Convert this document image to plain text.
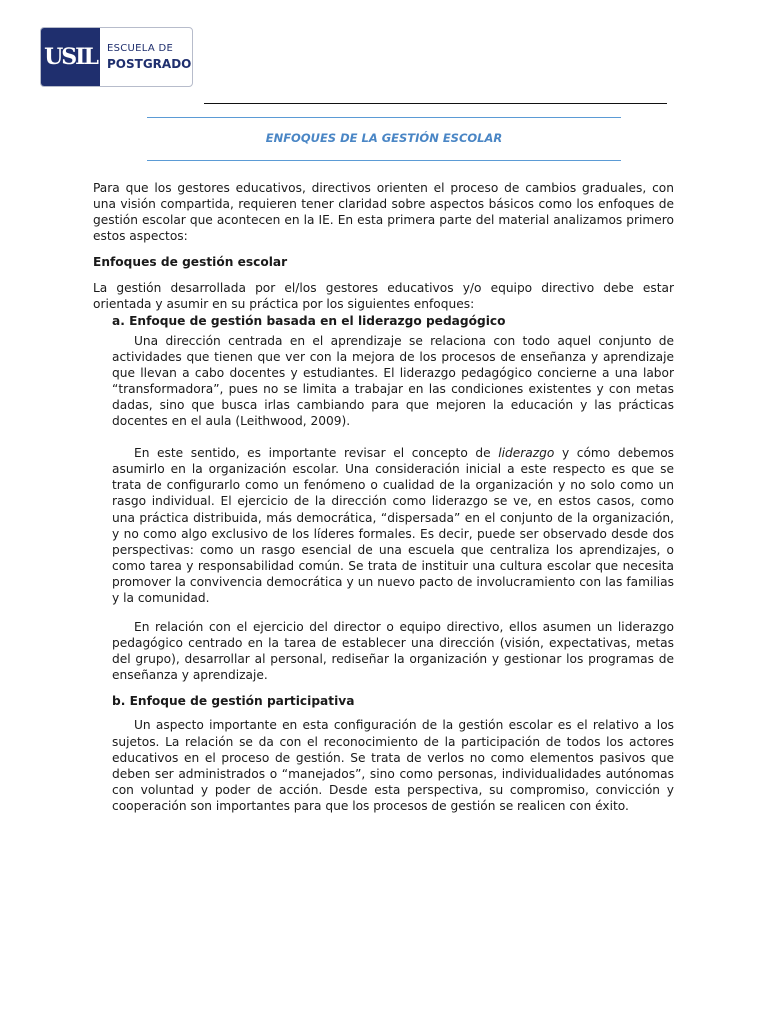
USIL	ESCUELA DE
POSTGRADO
ENFOQUES DE LA GESTIÓN ESCOLAR

Para que los gestores educativos, directivos orienten el proceso de cambios graduales, con una visión compartida, requieren tener claridad sobre aspectos básicos como los enfoques de gestión escolar que acontecen en la IE. En esta primera parte del material analizamos primero estos aspectos:

Enfoques de gestión escolar

La gestión desarrollada por el/los gestores educativos y/o equipo directivo debe estar orientada y asumir en su práctica por los siguientes enfoques:

a. Enfoque de gestión basada en el liderazgo pedagógico

Una dirección centrada en el aprendizaje se relaciona con todo aquel conjunto de actividades que tienen que ver con la mejora de los procesos de enseñanza y aprendizaje que llevan a cabo docentes y estudiantes. El liderazgo pedagógico concierne a una labor “transformadora”, pues no se limita a trabajar en las condiciones existentes y con metas dadas, sino que busca irlas cambiando para que mejoren la educación y las prácticas docentes en el aula (Leithwood, 2009).

En este sentido, es importante revisar el concepto de liderazgo y cómo debemos asumirlo en la organización escolar. Una consideración inicial a este respecto es que se trata de configurarlo como un fenómeno o cualidad de la organización y no solo como un rasgo individual. El ejercicio de la dirección como liderazgo se ve, en estos casos, como una práctica distribuida, más democrática, “dispersada” en el conjunto de la organización, y no como algo exclusivo de los líderes formales. Es decir, puede ser observado desde dos perspectivas: como un rasgo esencial de una escuela que centraliza los aprendizajes, o como tarea y responsabilidad común. Se trata de instituir una cultura escolar que necesita promover la convivencia democrática y un nuevo pacto de involucramiento con las familias y la comunidad.

En relación con el ejercicio del director o equipo directivo, ellos asumen un liderazgo pedagógico centrado en la tarea de establecer una dirección (visión, expectativas, metas del grupo), desarrollar al personal, rediseñar la organización y gestionar los programas de enseñanza y aprendizaje.

b. Enfoque de gestión participativa

Un aspecto importante en esta configuración de la gestión escolar es el relativo a los sujetos. La relación se da con el reconocimiento de la participación de todos los actores educativos en el proceso de gestión. Se trata de verlos no como elementos pasivos que deben ser administrados o “manejados”, sino como personas, individualidades autónomas con voluntad y poder de acción. Desde esta perspectiva, su compromiso, convicción y cooperación son importantes para que los procesos de gestión se realicen con éxito.
